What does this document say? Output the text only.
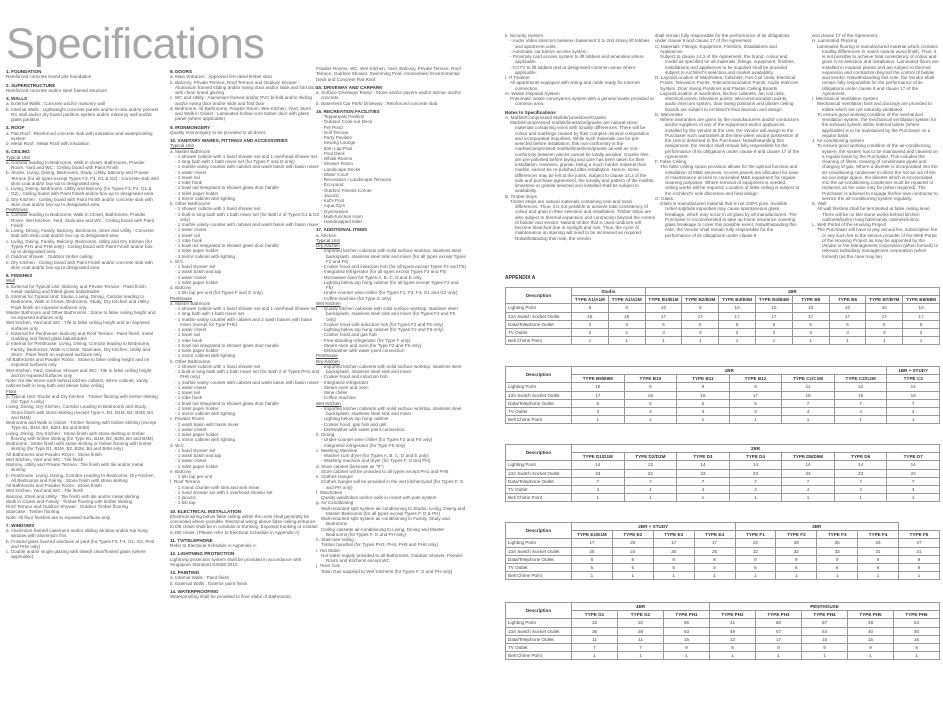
Specifications
1. FOUNDATION
Reinforced concrete bored pile foundation
2. SUPERSTRUCTURE
Reinforced concrete and/or steel framed structure
3. WALLS
a. External Walls : Concrete and/or masonry wall
b. Internal Walls : Lightweight concrete panels and/or in-situ and/or precast RC wall and/or dry board partition system and/or masonry wall and/or glass partition
4. ROOF
a. Flat Roof : Reinforced concrete slab with insulation and waterproofing system
b. Metal Roof : Metal Roof with insulation
5. CEILING
Typical Unit
a. Corridor leading to Bedrooms, Walk in closet, Bathrooms, Powder Room, Yard and WC : Ceiling board with Paint Finish
b. Studio, Living, Dining, Bedrooms, Study, Utility, Balcony and Private Terrace (for all types except Types F3, F4, G1 & G2) : Concrete slab with skim coat and/or box-up to designated area
c. Living, Dining, Bedrooms, Utility and Balcony (for Types F3, F4, G1 & G2) : Ceiling board with Paint Finish and/or box-up to designated area
d. Dry Kitchen : Ceiling board with Paint Finish and/or concrete slab with skim coat and/or box-up to designated area
Penthouse
a. Corridor leading to Bedrooms, Walk in Closet, Bathrooms, Powder Room, Wet Kitchen, Yard, Staircase and WC : Ceiling board with Paint Finish
b. Living, Dining, Family, Balcony, Bedrooms, Store and Utility : Concrete slab with skim coat and/or box-up to designated area
c. Living, Dining, Family, Balcony, Bedrooms, Utility and Dry Kitchen (for Types PH1 and PH6 only) : Ceiling board with Paint Finish and/or box-up to designated area
d. Outdoor shower : Outdoor timber ceiling
e. Dry Kitchen : Ceiling board with Paint Finish and/or concrete slab with skim coat and/or box-up to designated area
6. FINISHES
Wall
a. External for Typical Unit: Balcony and Private Terrace : Paint finish, metal cladding and fritted glass balustrades
b. Internal for Typical Unit: Studio, Living, Dining, Corridor leading to Bedrooms, Walk in Closet, Bedrooms, Study, Dry Kitchen and Utility : Paint finish on exposed surfaces only
Master Bathroom and Other Bathrooms : Stone to false ceiling height and on exposed surfaces only
Wet Kitchen, Yard and WC : Tile to false ceiling height and on exposed surfaces only
c. External for Penthouse: Balcony and Roof Terrace : Paint finish, metal cladding and fritted glass balustrades
d. Internal for Penthouse: Living, Dining, Corridor leading to Bedrooms, Family, Bedrooms, Walk in Closet, Staircase, Dry Kitchen, Utility and Store : Paint finish on exposed surfaces only
All Bathrooms and Powder Room : Stone to false ceiling height and on exposed surfaces only
Wet Kitchen, Yard, Outdoor Shower and WC : Tile to false ceiling height and on exposed surfaces only
Note: No tile/ stone work behind kitchen cabinet, mirror cabinet, vanity cabinet built-in long bath and above false ceiling
Floor
a. Typical Unit: Studio and Dry Kitchen : Timber flooring with timber skirting (for Type A only)
Living, Dining, Dry Kitchen, Corridor Leading to Bedrooms and Study : Stone finish with stone skirting (except Type A, B1, B1M, B2, B2M, B4 and B4M)
Bedrooms and Walk in Closet : Timber flooring with timber skirting (except Type B1, B1M, B2, B2M, B4 and B4M)
Living, Dining, Dry Kitchen : Stone finish with stone skirting or timber flooring with timber skirting (for Type B1, B1M, B2, B2M, B4 and B4M)
Bedrooms : Stone finish with stone skirting or timber flooring with timber skirting (for Type B1, B1M, B2, B2M, B4 and B4M only)
All Bathrooms and Powder Room : Stone finish
Wet Kitchen, Yard and WC : Tile finish
Balcony, Utility and Private Terrace : Tile finish with tile and/or metal skirting
b. Penthouse: Living, Dining, Corridor Leading to Bedrooms, Dry Kitchen, All Bedrooms and Family : Stone finish with stone skirting
All Bathrooms and Powder Room : Stone finish
Wet Kitchen, Yard and WC : Tile finish
Balcony, Store and Utility : Tile finish with tile and/or metal skirting
Walk in Closet and Family : Timber flooring with timber skirting
Roof Terrace and Outdoor Shower : Outdoor Timber flooring
Staircase : Timber flooring
Note: All floor finishes are to exposed surfaces only.
7. WINDOWS
a. Aluminium framed casement and/or sliding window and/or top hung window with aluminium fins
b. Frosted glass louvred windows at yard (for Types F3, F4, G1, G2, PH2 and PH5 only)
c. Double and/or single glazing with tinted/ clear/frosted glass (where applicable)
8. DOORS
a. Main Entrance : Approved fire-rated timber door
b. Balcony, Private Terrace, Roof Terrace and Outdoor Shower : Aluminium framed sliding and/or swing door and/or slide and fold door with clear/ tinted glazing
c. WC and Utility : Aluminium framed and/or PVC bi-fold and/or sliding and/or swing door and/or slide and fold door
d. Bedrooms, All Bathrooms, Powder Room, Wet Kitchen, Yard, Store and Walk in Closet : Laminated hollow core timber door with glass panel (where applicable)
9. IRONMONGERY
Quality ironmongery to be provided to all doors.
10. SANITARY WARES, FITTINGS AND ACCESSORIES
Typical Unit
a. Master Bathroom
- 1 shower cubicle with 1 hand shower set and 1 overhead shower set
- 1 long bath with 1 bath mixer set (for Types F and G only)
- 1 marble vanity counter with cabinet and wash basin with basin mixer
- 1 water closet
- 1 towel rail
- 1 robe hook
- 1 bowl rail integrated to shower glass door handle
- 1 toilet paper holder
- 1 mirror cabinet with lighting
b. Other Bathrooms
- 1 shower cubicle with 1 hand shower set
- 1 built-in long bath with 1 bath mixer set (for Bath 2 of Types G1 & G2 only)
- 1 marble vanity counter with cabinet and wash basin with basin mixer
- 1 water closet
- 1 towel rail
- 1 robe hook
- 1 bowl rail integrated to shower glass door handle
- 1 toilet paper holder
- 1 mirror cabinet with lighting
c. W.C.
- 1 hand shower set
- 1 wash basin and tap
- 1 water closet
- 1 toilet paper holder
d. Balcony
- 1 bib tap per unit (for Types F and G only)
Penthouse
a. Master Bathroom
- 1 shower cubicle with 1 hand shower set and 1 overhead shower set
- 1 long bath with 1 bath mixer set
- 1 marble vanity counter with cabinet and 2 wash basins with basin mixer (except for Type PH5)
- 1 water closet
- 1 towel rail
- 1 robe hook
- 1 bowl rail integrated to shower glass door handle
- 1 toilet paper holder
- 1 mirror cabinet with lighting
b. Other Bathrooms
- 1 shower cubicle with 1 hand shower set
- 1 built-in long bath with 1 bath mixer set (for Bath 2 of Types PH1 and PH6 only)
- 1 marble vanity counter with cabinet and wash basin with basin mixer
- 1 water closet
- 1 towel rail
- 1 robe hook
- 1 bowl rail integrated to shower glass door handle
- 1 toilet paper holder
- 1 mirror cabinet with lighting
c. Powder Room
- 1 wash basin with basin mixer
- 1 water closet
- 1 toilet paper holder
- 1 mirror cabinet with lighting
d. W.C.
- 1 hand shower set
- 1 wash basin and tap
- 1 water closet
- 1 toilet paper holder
e. Balcony
- 1 bib tap per unit
f. Roof Terrace
- 1 round counter with sink and sink mixer
- 1 hand shower set with 1 overhead shower set
- 1 jacuzzi
- 1 bib tap
10. ELECTRICAL INSTALLATION
Electrical wiring below false ceiling within the units shall generally be concealed where possible. Electrical wiring above false ceiling entrance to DB closet shall be in conduits or trunking. Exposed trunking or conduit in DB closet. (Please refer to Electrical Schedule in Appendix A)
11. TV/TELEPHONE
Refer to Electrical Schedule in Appendix A.
12. LIGHTNING PROTECTION
Lightning protection system shall be provided in accordance with Singapore Standard SS555:2010.
13. PAINTING
a. Internal Walls : Paint finish
b. External Walls : Exterior paint finish
14. WATERPROOFING
Waterproofing shall be provided to floor slabs of Bathrooms,
Powder Rooms, WC, Wet Kitchen, Yard, Balcony, Private Terrace, Roof Terrace, Outdoor Shower, Swimming Pool, Ammenities/ Environmental Deck and Concrete Flat Roof.
15. DRIVEWAY AND CARPARK
a. Surface Driveway/ Ramp : Stone and/or pavers and/or tarmac and/or concrete
b. Basement Car Park/ Driveway : Reinforced concrete slab
16. RECREATION FACILITIES
- Teppanyaki Pavilion
- Outdoor Cook-out Deck
- Pet Pond
- Grill Terrace
- Party Pavilion
- Sewing Lounge
- 50m Lap Pool
- Pool Deck
- Whisk Rooms
- Shower Room
- Landscape Decks
- Water Court
- Recreation / Landscape Terraces
- Eco-pond
- Outdoor Fitness Corner
- Jacuzzi
- Kid's Pool
- Aqua Gym
- Gymnasium
- Multi-function room
- Handicapped toilet
17. ADDITIONAL ITEMS
a. Kitchen
Typical Unit
Dry Kitchen
- Imported kitchen cabinets with solid surface worktop, stainless steel backsplash, stainless steel sink and mixer (for all types except Types F2 and F5)
- Cooker hood and induction hob (for all types except Types F2 and F5)
- Integrated refrigerator (for all types except Types F2 and F5)
- Microwave oven for Types A, B, C, D and E only
- Lighting below top hung cabinet (for all types except Types F2 and F5)
- Under-counter wine chiller (for Types F1, F3, F4, G1 and G2 only)
- Coffee machine (for Type G only)
Wet Kitchen
- Quality kitchen cabinets with solid surface worktop, stainless steel backsplash, stainless steel sink and mixer (for Types F2 and F5 only)
- Cooker hood with induction hob (for Types F2 and F5 only)
- Lighting below top hung cabinet (for Types F2 and F5 only)
- Cooker hood and gas hob
- Free-standing refrigerator (for Type F only)
- Steam oven and oven (for Type F2 and F5 only)
- Dishwasher with water point connection
Penthouse
Dry Kitchen
- Imported kitchen cabinets with solid surface worktop, stainless steel backsplash, stainless steel sink and mixer
- Cooker hood and induction hob
- Integrated refrigerator
- Steam oven and oven
- Wine chiller
- Coffee machine
Wet Kitchen
- Imported kitchen cabinets with solid surface worktop, stainless steel backsplash, stainless steel sink and mixer
- Lighting below top hung cabinet
- Cooker hood, gas hob and grill
- Dishwasher with water point connection
b. Dining
- Under-counter wine chiller (for Types F2 and F5 only)
- Integrated refrigerator (for Type F5 only)
c. Washing Machine
- Washer cum dryer (for Types A, B, C, D and E only)
- Washing machine and dryer (for Types F, G and PH)
d. Store cabinet (laminate as "S")
Store cabinet will be provided to all types except PH1 and PH5
e. Clothes Hanger
Clothes hanger will be provided in the wet kitchen/yard (for Types F, G and PH only)
f. Wardrobes
Quality wardrobes and/or walk-in closet with pole system
g. Air Conditioning
Wall-mounted split system air-conditioning to Studio, Living, Dining and Master Bedrooms (for all types except Types F, G & PH)
Wall-mounted split system air-conditioning to Family, Study and Bedrooms
Ceiling cassette air-conditioning to Living, Dining and Master Bedrooms (for Types F, G and PH only)
h. Staircase railing
Timber handrail (for Types PH3, PH4, PH5 and PH6 only)
i. Hot Water
Hot water supply provided to all Bathrooms, Outdoor Shower, Powder Room and Kitchens except WC
j. Town Gas
Town Gas supplied to Wet Kitchens (for Types F, G and PH only)
k. Security System
- Audio Video intercom between basement 3 to 2nd storey lift lobbies and apartment units.
- Automatic car barrier access system.
- Proximity card access system to lift lobbies and amenities where applicable.
- CCTV to lift lobbies and at designated common areas where applicable.
l. IT Feature
All apartments equipped with wiring and cable ready for Internet connection.
m. Waste Disposal System
Pneumatic waste conveyance system with a general waste provided at common area.
Notes to Specifications
A. Marble/Compressed Marble/Limestone/Granite
Marble/compressed marble/limestone/granite are natural stone materials containing veins with tonality differences. There will be colour and markings caused by their complex mineral composition and incorporated impurities. While such materials can be pre-selected before installation, this non-conformity in the marble/compressed marble/limestone/granite as well as non-conformity between pieces cannot be totally avoided. Granite tiles are pre-polished before laying and care has been taken for their installation. However, granite, being a much harder material than marble, cannot be re-polished after installation. Hence, some differences may be felt at the joints. Subject to clause 14.3 of the sale and purchase agreement, the tonality and pattern of the marble, limestone or granite selected and installed shall be subject to availability.
B. Timber strips
Timber strips are natural materials containing vein and tonal differences. Thus, it is not possible to achieve total consistency of colour and grain in their selection and installation. Timber strips are also subject to thermal expansion and contraction beyond the control of builder and vendor. Natural timber that is used outdoors will become bleached due to sunlight and rain. Thus, the cycle of maintenance on staining will need to be increased as required. Notwithstanding this note, the Vendor
shall remain fully responsible for the performance of its obligations under clause 9 and clause 17 of the Agreement.
C. Materials, Fittings, Equipment, Finishes, Installations and Appliances
Subject to clause 14.3 of the Agreement, the brand, colour and model as specified for all materials, fittings, equipment, finishes, installations and appliances to be supplied shall be provided subject to Architect's selection and market availability.
D. Layout/Location of Wardrobes, Cabinets, Fan Coil Units, Electrical Points, Television Points, Telecommunication Points, Audio Intercom System, Door Swing Positions and Plaster Ceiling Boards
Layout/Location of wardrobes, kitchen cabinets, fan coil units, electrical points, television points, telecommunication points, audio intercom system, door swing positions and plaster ceiling boards are subject to Architect's final decision and design.
E. Warranties
Where warranties are given by the manufacturers and/or contractors and/or suppliers of any of the equipment and/or appliances installed by the Vendor at the Unit, the Vendor will assign to the Purchaser such warranties at the time when vacant possession of the Unit is delivered to the Purchaser. Notwithstanding this assignment, the Vendor shall remain fully responsible for the performance of its obligations under clause 9 and clause 17 of the Agreement.
F. False Ceiling
The false ceiling space provision allows for the optimal function and installation of M&E services. Access panels are allocated for ease of maintenance access to concealed M&E equipment for regular cleaning purposes. Where removal of equipment is needed, ceiling works will be required. Location of false ceiling is subject to the Architect's sole discretion and final design.
G. Glass
Glass is manufactured material that is not 100% pure. Invisible nickel sulphide impurities may cause spontaneous glass breakage, which may occur in all glass by all manufacturers. The Purchaser is recommended to take up home insurance covering glass breakage to cover this possible event. Notwithstanding this note, the Vendor shall remain fully responsible for the performance of its obligations under clause 9
and clause 17 of the Agreement.
H. Laminated Flooring
Laminated flooring is manufactured material which contains tonality differences to match natural wood finish. Thus, it is not possible to achieve total consistency of colour and grain in its selection and installation. Laminated floors are installed in modular planks and are subject to thermal expansion and contraction beyond the control of builder and vendor. Notwithstanding this note, the Vendor shall remain fully responsible for the performance of its obligations under clause 9 and clause 17 of the Agreement.
I. Mechanical Ventilation System
Mechanical Ventilation fans and ductings are provided to toilets which are not naturally ventilated.
To ensure good working condition of the mechanical ventilation system, the mechanical ventilation system for the exhaust system within internal toilets (where applicable) is to be maintained by the Purchaser on a regular basis.
J. Air-conditioning system
To ensure good working condition of the air-conditioning system, the system has to be maintained and cleaned on a regular basis by the Purchaser. This includes the cleaning of filters, clearing of condensate pipes and charging of gas. Where a diverter is incorporated into the air-conditioning condenser to direct the hot air out of the air-con ledge space, the diverter which is incorporated into the air-conditioning condenser must be repaired or replaced, as the case may be (when required). The Purchaser is advised to engage his/her own contractor to service the air-conditioning system regularly.
K. Wall
All wall finishes shall be terminated at false ceiling level. There will be no tile/ stone works behind kitchen cabinets/built-in long bath/vanity cabinets/mirror.
L. Web Portal of the Housing Project
The Purchaser will have to pay annual fee, subscription fee or any such fee to the service provider of the Web Portal of the Housing Project as may be appointed by the Vendor or the Management corporation (when formed) or relevant subsidiary management corporation (when formed) (as the case may be)
APPENDIX A
Description	Studio		1BR							
	TYPE A1/A1M	TYPE A2/A2M	TYPE B1/B1M	TYPE B2/B2M	TYPE B3/B3M	TYPE B4/B4M	TYPE B5	TYPE B6	TYPE B7/B7M	TYPE B8/B8M
Lighting Point	6	9	10	9	10	10	10	10	10	10
13A Switch Socket Outlet	15	15	17	17	17	17	17	17	17	17
Data/Telephone Outlet	3	3	5	5	5	5	5	5	5	5
TV Outlet	2	2	3	3	3	3	3	3	3	3
Bell Chime Point	1	1	1	1	1	1	1	1	1	1
Description	1BR						1BR + STUDY
	TYPE B9/B9M	TYPE B10	TYPE B11	TYPE B12	TYPE C1/C1M	TYPE C2/C2M	TYPE C3
Lighting Point	10	8	9	8	11	12	14
13A Switch Socket Outlet	17	16	16	17	19	19	19
Data/Telephone Outlet	5	5	5	5	7	7	7
TV Outlet	3	3	3	3	4	4	4
Bell Chime Point	1	1	1	1	1	1	1
Description	2BR						
	TYPE D1/D1M	TYPE D2/D2M	TYPE D3	TYPE D4	TYPE D5/D5M	TYPE D6	TYPE D7
Lighting Point	14	13	14	14	14	14	14
13A Switch Socket Outlet	23	22	23	23	23	23	23
Data/Telephone Outlet	7	7	7	7	7	7	7
TV Outlet	4	4	4	4	4	4	4
Bell Chime Point	1	1	1	1	1	1	1
Description	2BR + STUDY				3BR				
	TYPE E1/E1M	TYPE E2	TYPE E3	TYPE E4	TYPE F1	TYPE F2	TYPE F3	TYPE F4	TYPE F5
Lighting Point	17	20	17	17	22	28	25	25	27
13A Switch Socket Outlet	25	24	25	25	32	32	33	31	31
Data/Telephone Outlet	8	8	8	8	9	9	9	9	9
TV Outlet	5	5	5	5	6	6	6	6	6
Bell Chime Point	1	1	1	1	1	1	1	1	1
Description	4BR			PENTHOUSE				
	TYPE G1	TYPE G2	TYPE PH1	TYPE PH2	TYPE PH3	TYPE PH4	TYPE PH5	TYPE PH6
Lighting Point	32	32	56	41	60	57	48	54
13A Switch Socket Outlet	36	38	63	49	67	53	40	40
Data/Telephone Outlet	11	11	16	13	17	15	15	16
TV Outlet	7	7	9	8	9	9	9	9
Bell Chime Point	1	1	1	1	1	1	1	1
